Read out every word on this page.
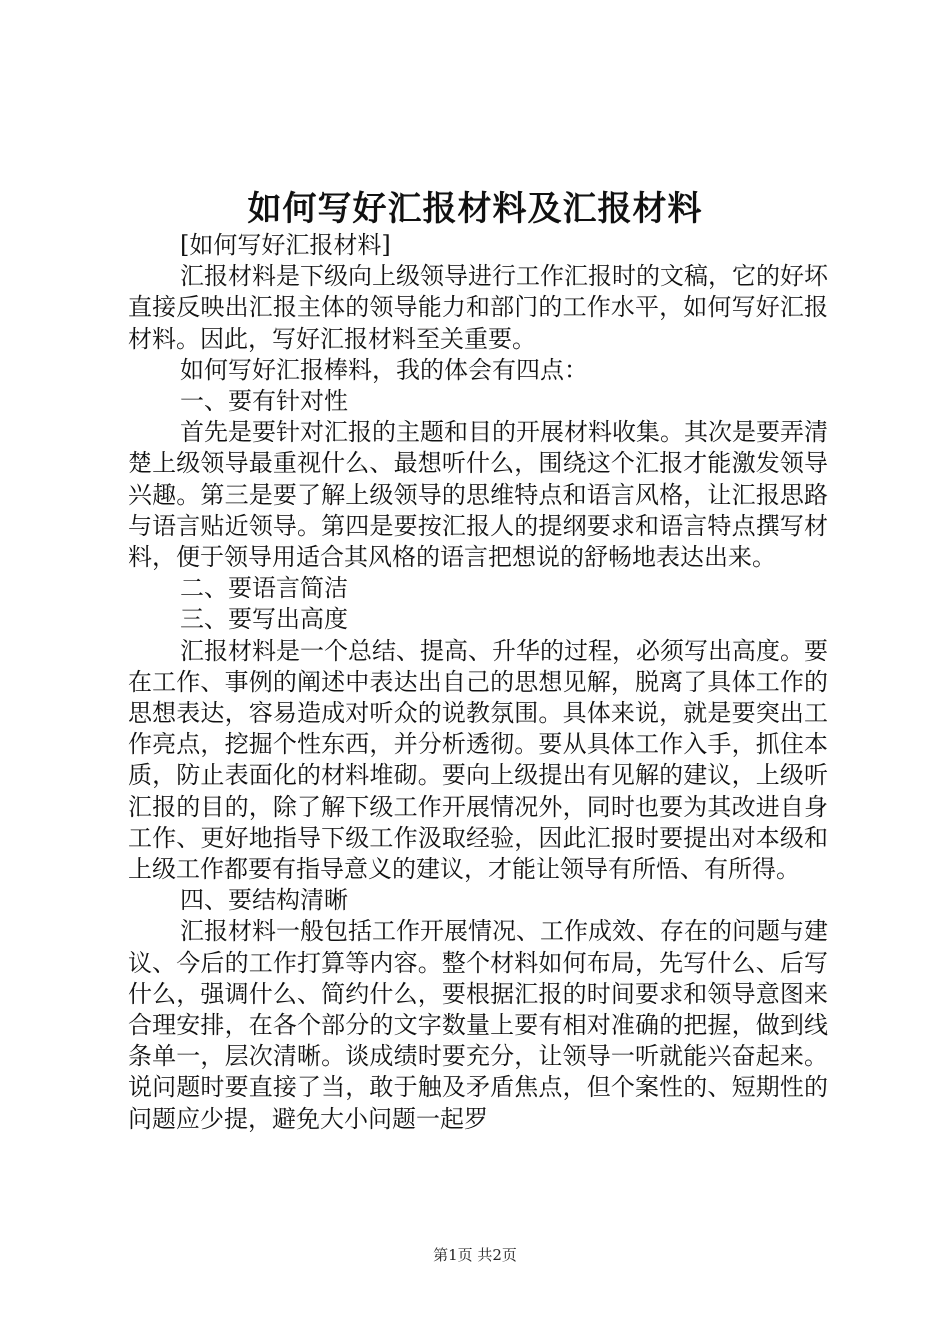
如何写好汇报材料及汇报材料

[如何写好汇报材料]

汇报材料是下级向上级领导进行工作汇报时的文稿，它的好坏直接反映出汇报主体的领导能力和部门的工作水平，如何写好汇报材料。因此，写好汇报材料至关重要。

如何写好汇报棒料，我的体会有四点：

一、要有针对性

首先是要针对汇报的主题和目的开展材料收集。其次是要弄清楚上级领导最重视什么、最想听什么，围绕这个汇报才能激发领导兴趣。第三是要了解上级领导的思维特点和语言风格，让汇报思路与语言贴近领导。第四是要按汇报人的提纲要求和语言特点撰写材料，便于领导用适合其风格的语言把想说的舒畅地表达出来。

二、要语言简洁

三、要写出高度

汇报材料是一个总结、提高、升华的过程，必须写出高度。要在工作、事例的阐述中表达出自己的思想见解，脱离了具体工作的思想表达，容易造成对听众的说教氛围。具体来说，就是要突出工作亮点，挖掘个性东西，并分析透彻。要从具体工作入手，抓住本质，防止表面化的材料堆砌。要向上级提出有见解的建议，上级听汇报的目的，除了解下级工作开展情况外，同时也要为其改进自身工作、更好地指导下级工作汲取经验，因此汇报时要提出对本级和上级工作都要有指导意义的建议，才能让领导有所悟、有所得。

四、要结构清晰

汇报材料一般包括工作开展情况、工作成效、存在的问题与建议、今后的工作打算等内容。整个材料如何布局，先写什么、后写什么，强调什么、简约什么，要根据汇报的时间要求和领导意图来合理安排，在各个部分的文字数量上要有相对准确的把握，做到线条单一，层次清晰。谈成绩时要充分，让领导一听就能兴奋起来。说问题时要直接了当，敢于触及矛盾焦点，但个案性的、短期性的问题应少提，避免大小问题一起罗

第1页 共2页
